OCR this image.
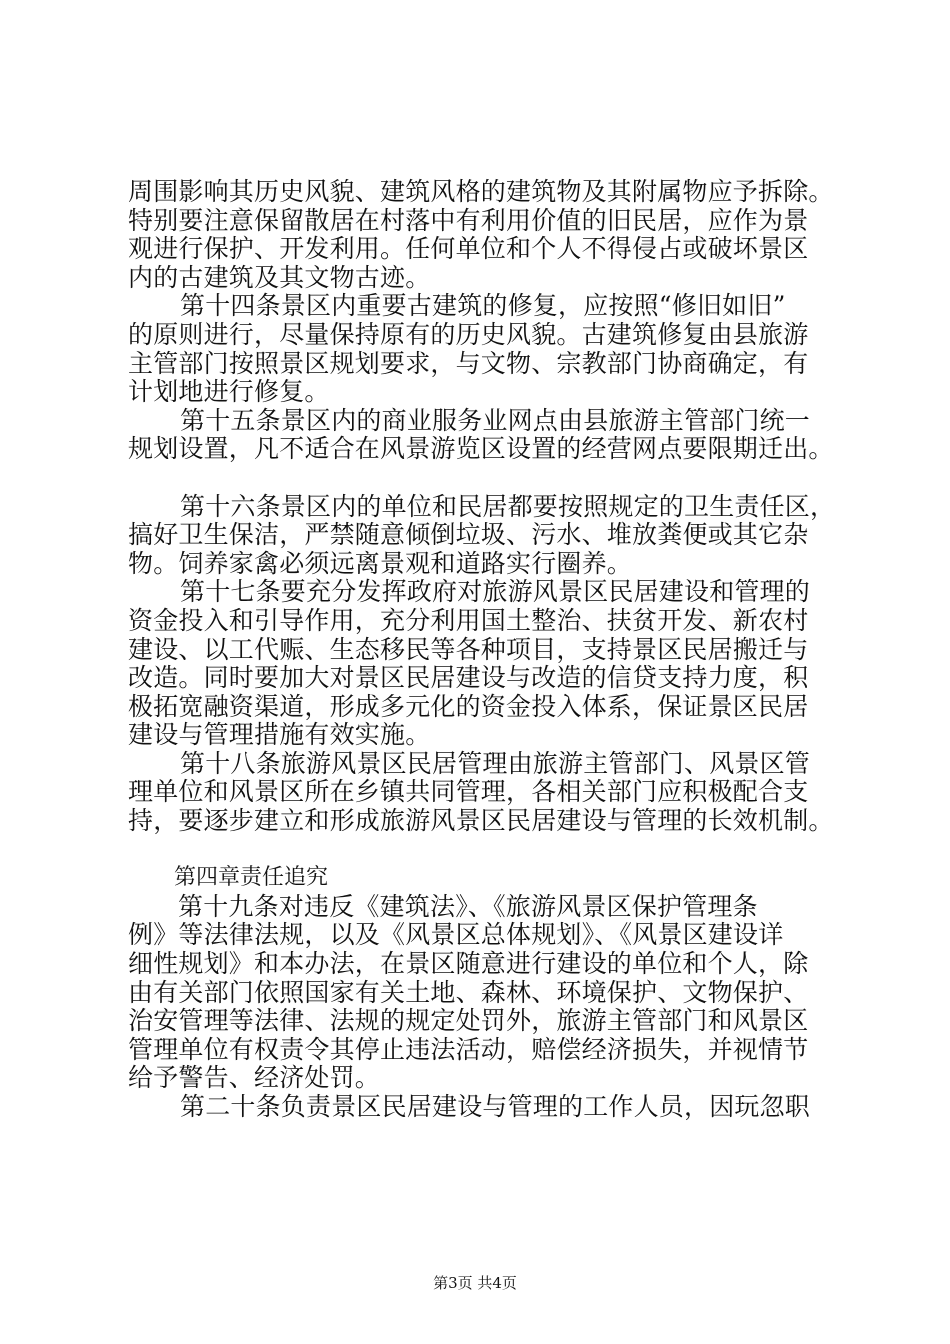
周围影响其历史风貌、建筑风格的建筑物及其附属物应予拆除。
特别要注意保留散居在村落中有利用价值的旧民居，应作为景
观进行保护、开发利用。任何单位和个人不得侵占或破坏景区
内的古建筑及其文物古迹。
第十四条景区内重要古建筑的修复，应按照“修旧如旧”
的原则进行，尽量保持原有的历史风貌。古建筑修复由县旅游
主管部门按照景区规划要求，与文物、宗教部门协商确定，有
计划地进行修复。
第十五条景区内的商业服务业网点由县旅游主管部门统一
规划设置，凡不适合在风景游览区设置的经营网点要限期迁出。
第十六条景区内的单位和民居都要按照规定的卫生责任区，
搞好卫生保洁，严禁随意倾倒垃圾、污水、堆放粪便或其它杂
物。饲养家禽必须远离景观和道路实行圈养。
第十七条要充分发挥政府对旅游风景区民居建设和管理的
资金投入和引导作用，充分利用国土整治、扶贫开发、新农村
建设、以工代赈、生态移民等各种项目，支持景区民居搬迁与
改造。同时要加大对景区民居建设与改造的信贷支持力度，积
极拓宽融资渠道，形成多元化的资金投入体系，保证景区民居
建设与管理措施有效实施。
第十八条旅游风景区民居管理由旅游主管部门、风景区管
理单位和风景区所在乡镇共同管理，各相关部门应积极配合支
持，要逐步建立和形成旅游风景区民居建设与管理的长效机制。
第四章责任追究
第十九条对违反《建筑法》、《旅游风景区保护管理条
例》等法律法规，以及《风景区总体规划》、《风景区建设详
细性规划》和本办法，在景区随意进行建设的单位和个人，除
由有关部门依照国家有关土地、森林、环境保护、文物保护、
治安管理等法律、法规的规定处罚外，旅游主管部门和风景区
管理单位有权责令其停止违法活动，赔偿经济损失，并视情节
给予警告、经济处罚。
第二十条负责景区民居建设与管理的工作人员，因玩忽职
第3页 共4页
